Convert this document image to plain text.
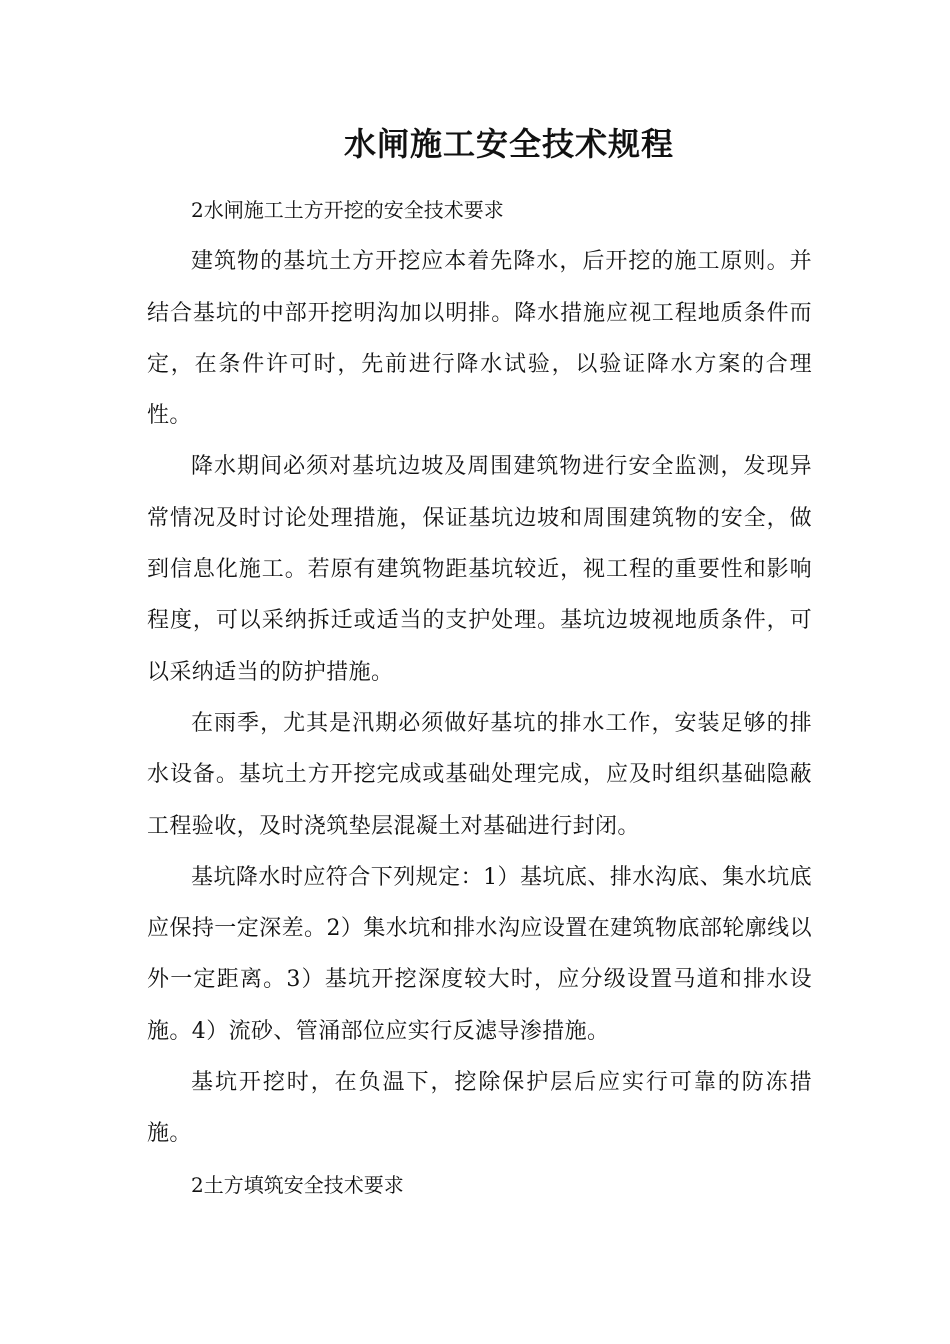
水闸施工安全技术规程

2水闸施工土方开挖的安全技术要求

建筑物的基坑土方开挖应本着先降水，后开挖的施工原则。并结合基坑的中部开挖明沟加以明排。降水措施应视工程地质条件而定，在条件许可时，先前进行降水试验，以验证降水方案的合理性。

降水期间必须对基坑边坡及周围建筑物进行安全监测，发现异常情况及时讨论处理措施，保证基坑边坡和周围建筑物的安全，做到信息化施工。若原有建筑物距基坑较近，视工程的重要性和影响程度，可以采纳拆迁或适当的支护处理。基坑边坡视地质条件，可以采纳适当的防护措施。

在雨季，尤其是汛期必须做好基坑的排水工作，安装足够的排水设备。基坑土方开挖完成或基础处理完成，应及时组织基础隐蔽工程验收，及时浇筑垫层混凝土对基础进行封闭。

基坑降水时应符合下列规定：1）基坑底、排水沟底、集水坑底应保持一定深差。2）集水坑和排水沟应设置在建筑物底部轮廓线以外一定距离。3）基坑开挖深度较大时，应分级设置马道和排水设施。4）流砂、管涌部位应实行反滤导渗措施。

基坑开挖时，在负温下，挖除保护层后应实行可靠的防冻措施。

2土方填筑安全技术要求
